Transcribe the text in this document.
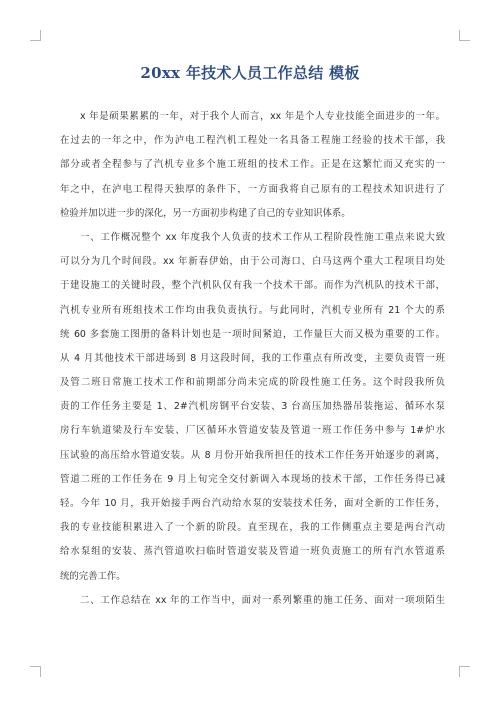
20xx 年技术人员工作总结 模板
x 年是硕果累累的一年，对于我个人而言，xx 年是个人专业技能全面进步的一年。
在过去的一年之中，作为泸电工程汽机工程处一名具备工程施工经验的技术干部，我
部分或者全程参与了汽机专业多个施工班组的技术工作。正是在这繁忙而又充实的一
年之中，在泸电工程得天独厚的条件下，一方面我将自己原有的工程技术知识进行了
检验并加以进一步的深化，另一方面初步构建了自己的专业知识体系。
一、工作概况整个 xx 年度我个人负责的技术工作从工程阶段性施工重点来说大致
可以分为几个时间段。xx 年新春伊始，由于公司海口、白马这两个重大工程项目均处
于建设施工的关键时段，整个汽机队仅有我一个技术干部。而作为汽机队的技术干部，
汽机专业所有班组技术工作均由我负责执行。与此同时，汽机专业所有 21 个大的系
统 60 多套施工图册的备料计划也是一项时间紧迫，工作量巨大而又极为重要的工作。
从 4 月其他技术干部进场到 8 月这段时间，我的工作重点有所改变，主要负责管一班
及管二班日常施工技术工作和前期部分尚未完成的阶段性施工任务。这个时段我所负
责的工作任务主要是 1、2#汽机房钢平台安装、3 台高压加热器吊装拖运、循环水泵
房行车轨道梁及行车安装、厂区循环水管道安装及管道一班工作任务中参与 1#炉水
压试验的高压给水管道安装。从 8 月份开始我所担任的技术工作任务开始逐步的剥离，
管道二班的工作任务在 9 月上旬完全交付新调入本现场的技术干部，工作任务得已减
轻。今年 10 月，我开始接手两台汽动给水泵的安装技术任务，面对全新的工作任务，
我的专业技能积累进入了一个新的阶段。直至现在，我的工作侧重点主要是两台汽动
给水泵组的安装、蒸汽管道吹扫临时管道安装及管道一班负责施工的所有汽水管道系
统的完善工作。
二、工作总结在 xx 年的工作当中，面对一系列繁重的施工任务、面对一项项陌生
